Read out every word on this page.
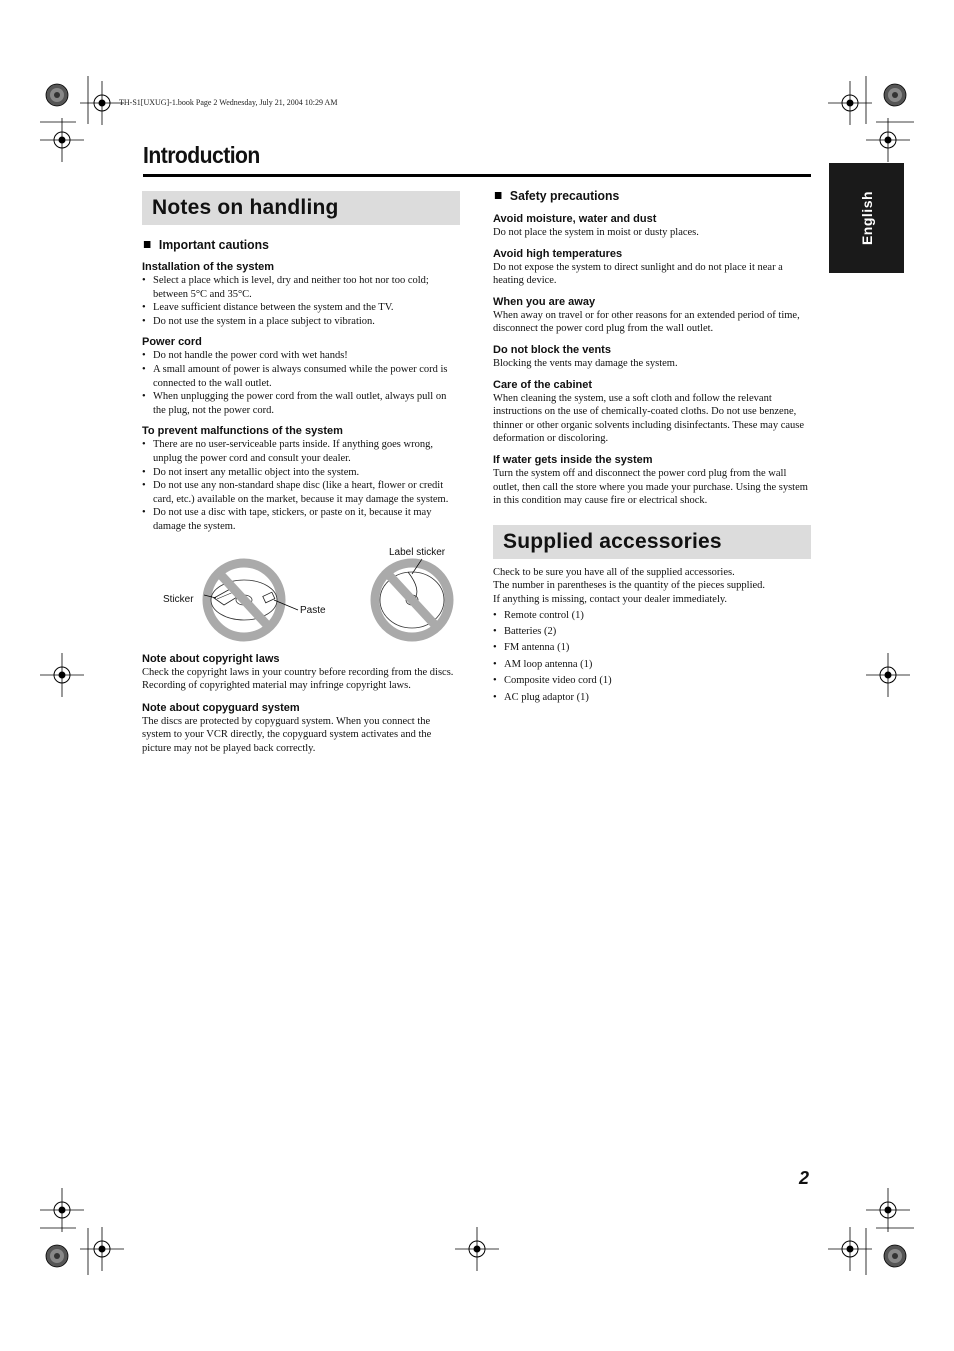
TH-S1[UXUG]-1.book Page 2 Wednesday, July 21, 2004 10:29 AM
Introduction
English
Notes on handling
Important cautions
Installation of the system
• Select a place which is level, dry and neither too hot nor too cold; between 5°C and 35°C.
• Leave sufficient distance between the system and the TV.
• Do not use the system in a place subject to vibration.
Power cord
• Do not handle the power cord with wet hands!
• A small amount of power is always consumed while the power cord is connected to the wall outlet.
• When unplugging the power cord from the wall outlet, always pull on the plug, not the power cord.
To prevent malfunctions of the system
• There are no user-serviceable parts inside. If anything goes wrong, unplug the power cord and consult your dealer.
• Do not insert any metallic object into the system.
• Do not use any non-standard shape disc (like a heart, flower or credit card, etc.) available on the market, because it may damage the system.
• Do not use a disc with tape, stickers, or paste on it, because it may damage the system.
Label sticker
Sticker
Paste
Note about copyright laws

Check the copyright laws in your country before recording from the discs. Recording of copyrighted material may infringe copyright laws.

Note about copyguard system

The discs are protected by copyguard system. When you connect the system to your VCR directly, the copyguard system activates and the picture may not be played back correctly.

Safety precautions
Avoid moisture, water and dust

Do not place the system in moist or dusty places.

Avoid high temperatures

Do not expose the system to direct sunlight and do not place it near a heating device.

When you are away

When away on travel or for other reasons for an extended period of time, disconnect the power cord plug from the wall outlet.

Do not block the vents

Blocking the vents may damage the system.

Care of the cabinet

When cleaning the system, use a soft cloth and follow the relevant instructions on the use of chemically-coated cloths. Do not use benzene, thinner or other organic solvents including disinfectants. These may cause deformation or discoloring.

If water gets inside the system

Turn the system off and disconnect the power cord plug from the wall outlet, then call the store where you made your purchase. Using the system in this condition may cause fire or electrical shock.

Supplied accessories

Check to be sure you have all of the supplied accessories.

The number in parentheses is the quantity of the pieces supplied.

If anything is missing, contact your dealer immediately.

• Remote control (1)
• Batteries (2)
• FM antenna (1)
• AM loop antenna (1)
• Composite video cord (1)
• AC plug adaptor (1)
2
